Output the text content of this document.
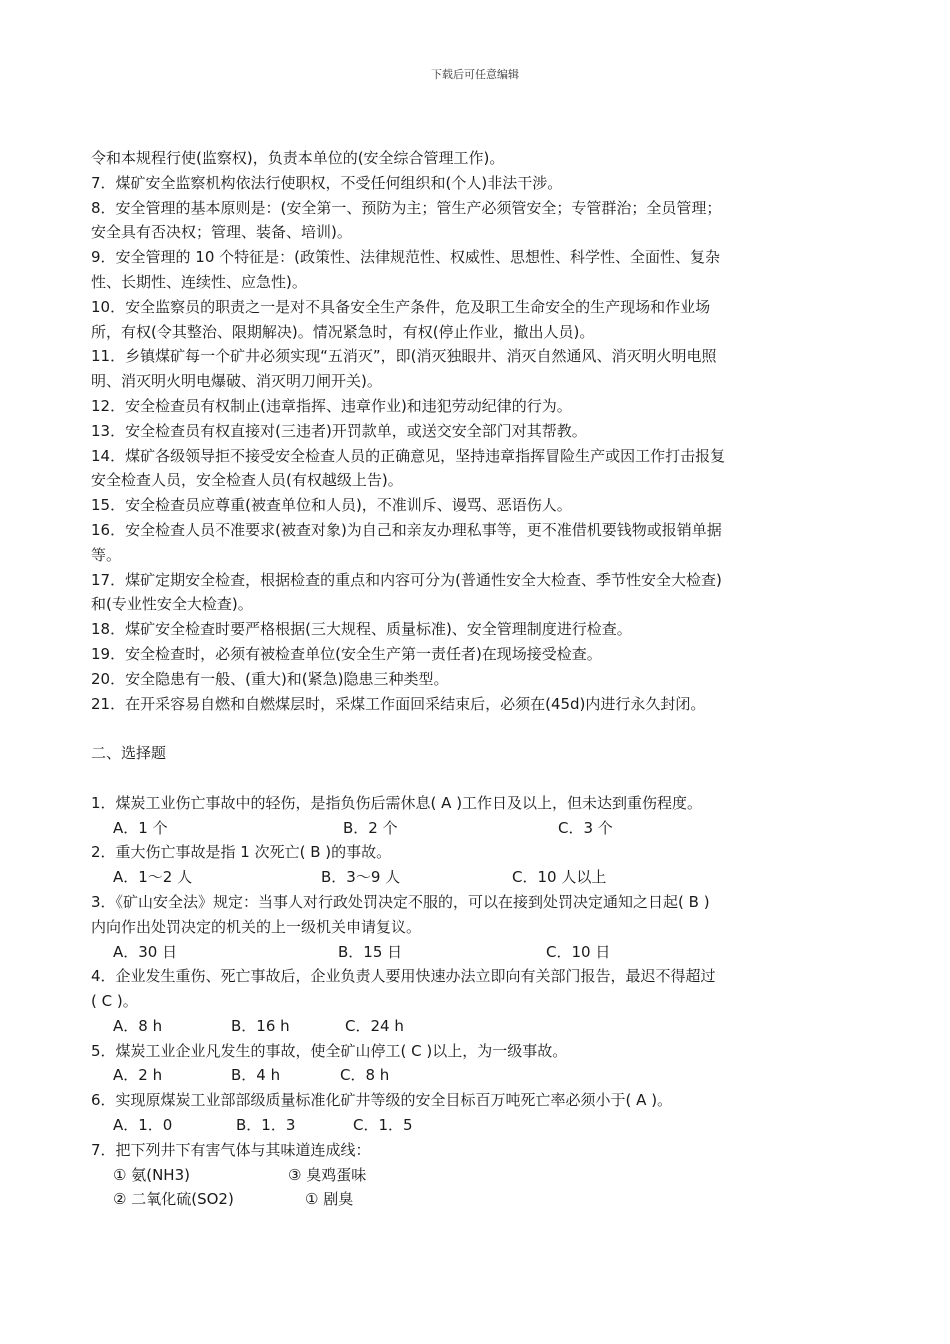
下载后可任意编辑
令和本规程行使(监察权)，负责本单位的(安全综合管理工作)。
7．煤矿安全监察机构依法行使职权，不受任何组织和(个人)非法干涉。
8．安全管理的基本原则是：(安全第一、预防为主；管生产必须管安全；专管群治；全员管理；
安全具有否决权；管理、装备、培训)。
9．安全管理的 10 个特征是：(政策性、法律规范性、权威性、思想性、科学性、全面性、复杂
性、长期性、连续性、应急性)。
10．安全监察员的职责之一是对不具备安全生产条件，危及职工生命安全的生产现场和作业场
所，有权(令其整治、限期解决)。情况紧急时，有权(停止作业，撤出人员)。
11．乡镇煤矿每一个矿井必须实现“五消灭”，即(消灭独眼井、消灭自然通风、消灭明火明电照
明、消灭明火明电爆破、消灭明刀闸开关)。
12．安全检查员有权制止(违章指挥、违章作业)和违犯劳动纪律的行为。
13．安全检查员有权直接对(三违者)开罚款单，或送交安全部门对其帮教。
14．煤矿各级领导拒不接受安全检查人员的正确意见，坚持违章指挥冒险生产或因工作打击报复
安全检查人员，安全检查人员(有权越级上告)。
15．安全检查员应尊重(被查单位和人员)，不准训斥、谩骂、恶语伤人。
16．安全检查人员不准要求(被查对象)为自己和亲友办理私事等，更不准借机要钱物或报销单据
等。
17．煤矿定期安全检查，根据检查的重点和内容可分为(普通性安全大检查、季节性安全大检查)
和(专业性安全大检查)。
18．煤矿安全检查时要严格根据(三大规程、质量标准)、安全管理制度进行检查。
19．安全检查时，必须有被检查单位(安全生产第一责任者)在现场接受检查。
20．安全隐患有一般、(重大)和(紧急)隐患三种类型。
21．在开采容易自燃和自燃煤层时，采煤工作面回采结束后，必须在(45d)内进行永久封闭。
二、选择题
1．煤炭工业伤亡事故中的轻伤，是指负伤后需休息( A )工作日及以上，但未达到重伤程度。
A．1 个	B．2 个	C．3 个
2．重大伤亡事故是指 1 次死亡( B )的事故。
A．1～2 人	B．3～9 人	C．10 人以上
3．《矿山安全法》规定：当事人对行政处罚决定不服的，可以在接到处罚决定通知之日起( B )
内向作出处罚决定的机关的上一级机关申请复议。
A．30 日	B．15 日	C．10 日
4．企业发生重伤、死亡事故后，企业负责人要用快速办法立即向有关部门报告，最迟不得超过
( C )。
A．8 h	B．16 h	C．24 h
5．煤炭工业企业凡发生的事故，使全矿山停工( C )以上，为一级事故。
A．2 h	B．4 h	C．8 h
6．实现原煤炭工业部部级质量标准化矿井等级的安全目标百万吨死亡率必须小于( A )。
A．1．0	B．1．3	C．1．5
7．把下列井下有害气体与其味道连成线：
① 氨(NH3)	③ 臭鸡蛋味
② 二氧化硫(SO2)	① 剧臭
